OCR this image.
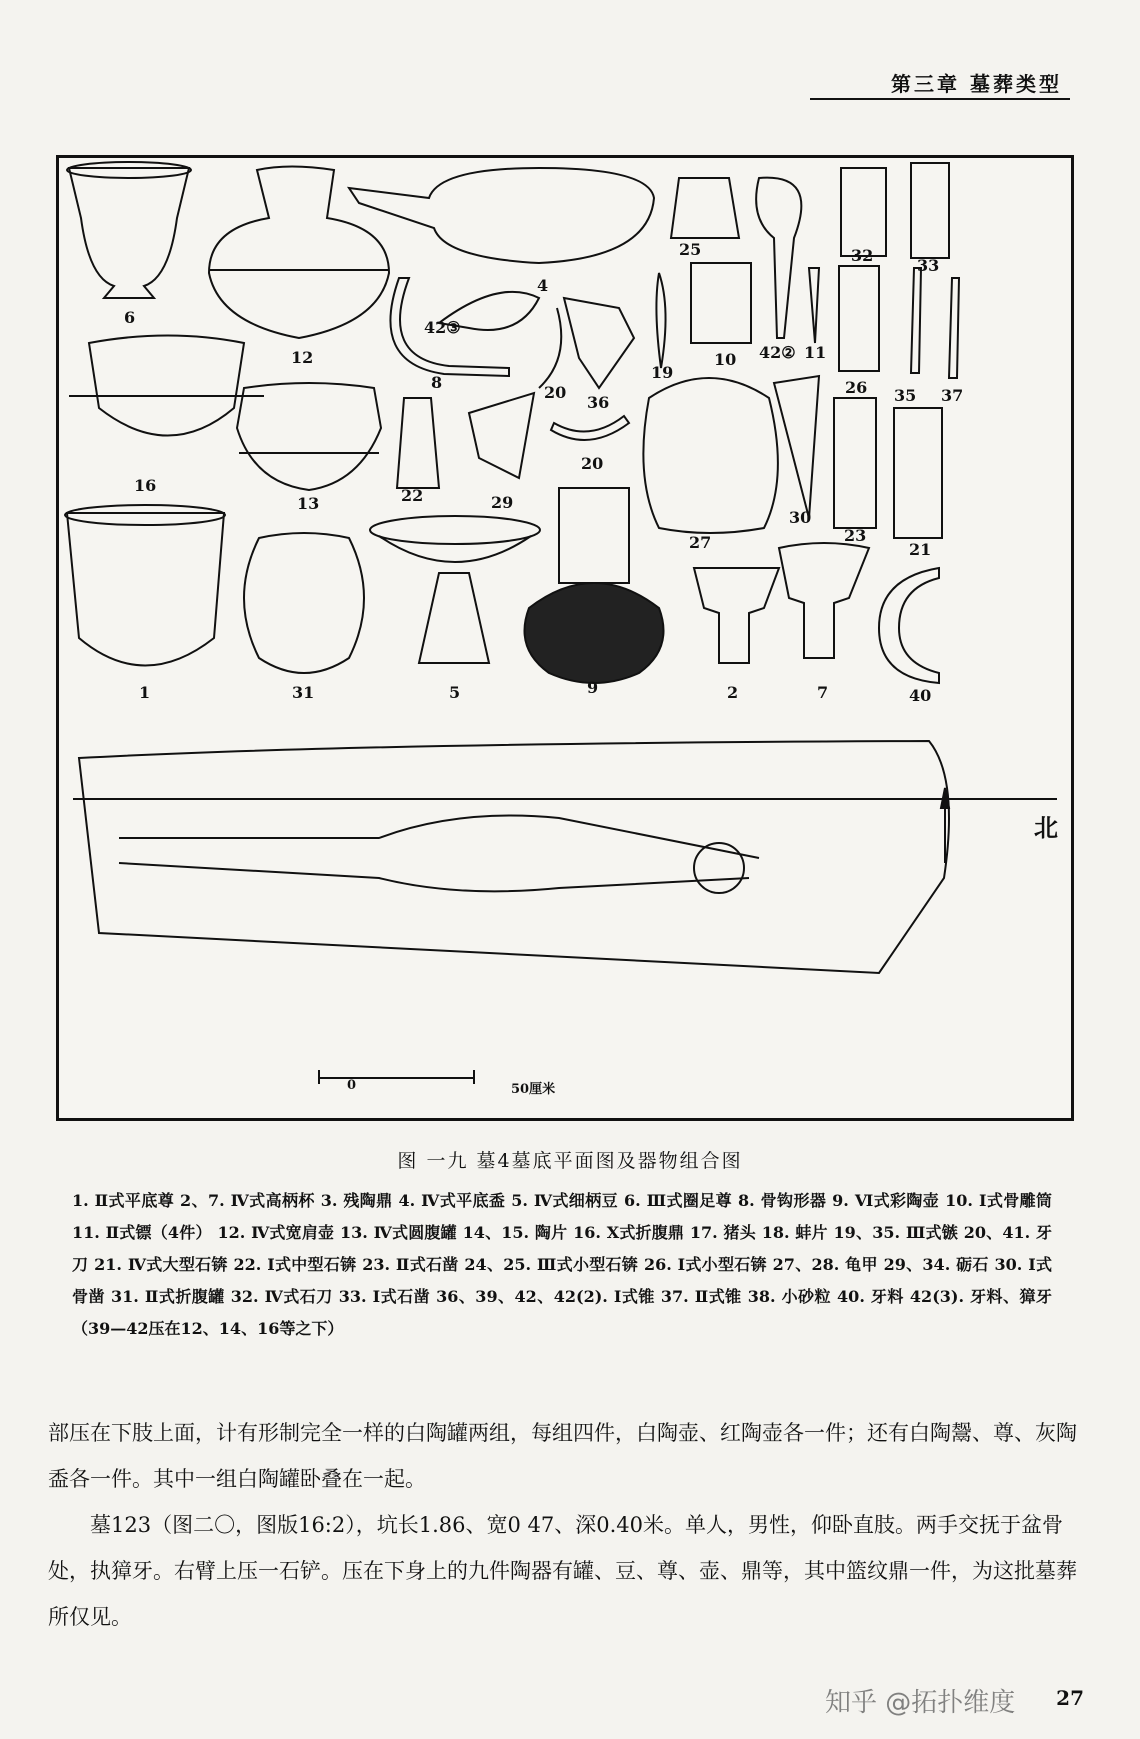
第三章 墓葬类型
6
12
4
8
42③
25
42② 11
10
19
20
36
20
32
33
26 35 37
16
13	22	29
27
30
23
21
1	31	5	9	2	7	40
北
0	50厘米
图 一九 墓4墓底平面图及器物组合图
1. Ⅱ式平底尊 2、7. Ⅳ式高柄杯 3. 残陶鼎 4. Ⅳ式平底盉 5. Ⅳ式细柄豆 6. Ⅲ式圈足尊 8. 骨钩形器 9. Ⅵ式彩陶壶 10. Ⅰ式骨雕筒 11. Ⅱ式镖（4件） 12. Ⅳ式宽肩壶 13. Ⅳ式圆腹罐 14、15. 陶片 16. Ⅹ式折腹鼎 17. 猪头 18. 蚌片 19、35. Ⅲ式镞 20、41. 牙刀 21. Ⅳ式大型石锛 22. Ⅰ式中型石锛 23. Ⅱ式石凿 24、25. Ⅲ式小型石锛 26. Ⅰ式小型石锛 27、28. 龟甲 29、34. 砺石 30. Ⅰ式骨凿 31. Ⅱ式折腹罐 32. Ⅳ式石刀 33. Ⅰ式石凿 36、39、42、42(2). Ⅰ式锥 37. Ⅱ式锥 38. 小砂粒 40. 牙料 42(3). 牙料、獐牙 （39—42压在12、14、16等之下）

部压在下肢上面，计有形制完全一样的白陶罐两组，每组四件，白陶壶、红陶壶各一件；还有白陶鬶、尊、灰陶盉各一件。其中一组白陶罐卧叠在一起。

墓123（图二〇，图版16:2），坑长1.86、宽0 47、深0.40米。单人，男性，仰卧直肢。两手交抚于盆骨处，执獐牙。右臂上压一石铲。压在下身上的九件陶器有罐、豆、尊、壶、鼎等，其中篮纹鼎一件，为这批墓葬所仅见。

知乎 @拓扑维度 27
